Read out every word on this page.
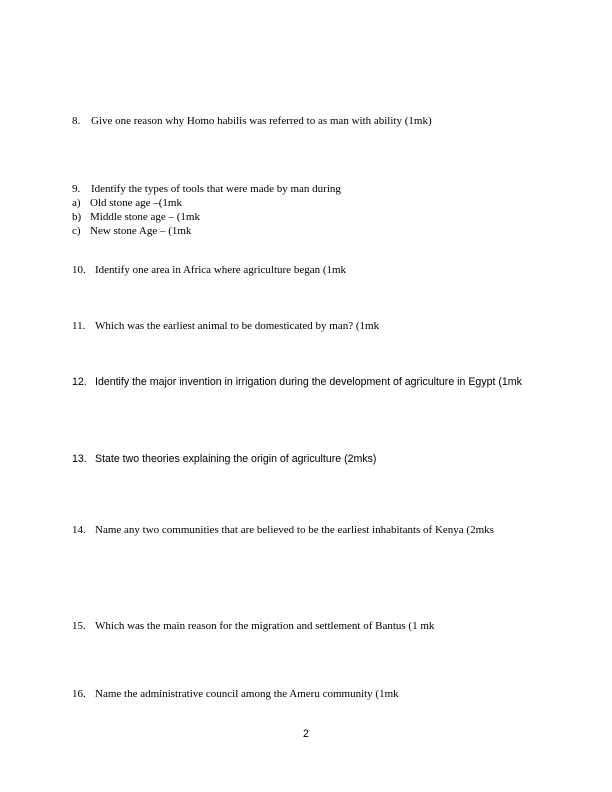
8. Give one reason why Homo habilis was referred to as man with ability (1mk)
9. Identify the types of tools that were made by man during
a) Old stone age –(1mk
b) Middle stone age – (1mk
c) New stone Age – (1mk
10. Identify one area in Africa where agriculture began (1mk
11. Which was the earliest animal to be domesticated by man? (1mk
12. Identify the major invention in irrigation during the development of agriculture in Egypt (1mk
13. State two theories explaining the origin of agriculture (2mks)
14. Name any two communities that are believed to be the earliest inhabitants of Kenya (2mks
15. Which was the main reason for the migration and settlement of Bantus (1 mk
16. Name the administrative council among the Ameru community (1mk
2
